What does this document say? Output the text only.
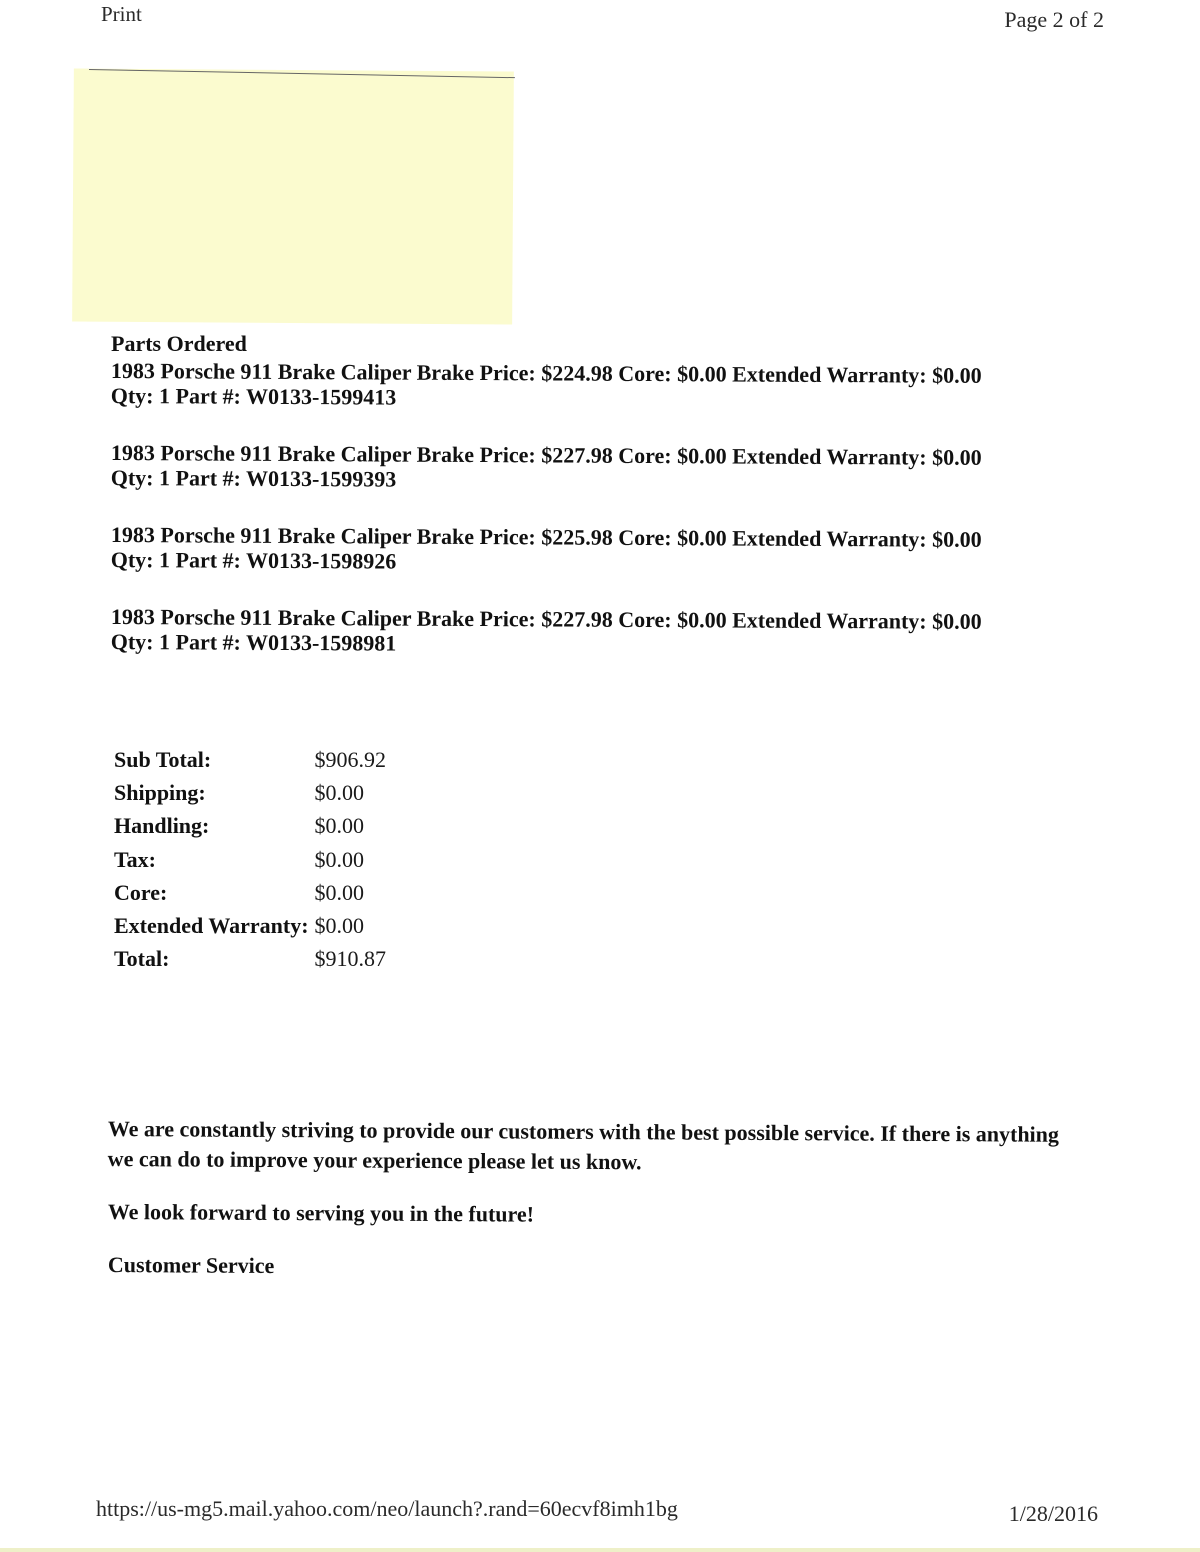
Print	Page 2 of 2
Parts Ordered
1983 Porsche 911 Brake Caliper Brake Price: $224.98 Core: $0.00 Extended Warranty: $0.00
Qty: 1 Part #: W0133-1599413
1983 Porsche 911 Brake Caliper Brake Price: $227.98 Core: $0.00 Extended Warranty: $0.00
Qty: 1 Part #: W0133-1599393
1983 Porsche 911 Brake Caliper Brake Price: $225.98 Core: $0.00 Extended Warranty: $0.00
Qty: 1 Part #: W0133-1598926
1983 Porsche 911 Brake Caliper Brake Price: $227.98 Core: $0.00 Extended Warranty: $0.00
Qty: 1 Part #: W0133-1598981
Sub Total:	$906.92
Shipping:	$0.00
Handling:	$0.00
Tax:	$0.00
Core:	$0.00
Extended Warranty:	$0.00
Total:	$910.87

We are constantly striving to provide our customers with the best possible service. If there is anything we can do to improve your experience please let us know.

We look forward to serving you in the future!

Customer Service

https://us-mg5.mail.yahoo.com/neo/launch?.rand=60ecvf8imh1bg	1/28/2016
